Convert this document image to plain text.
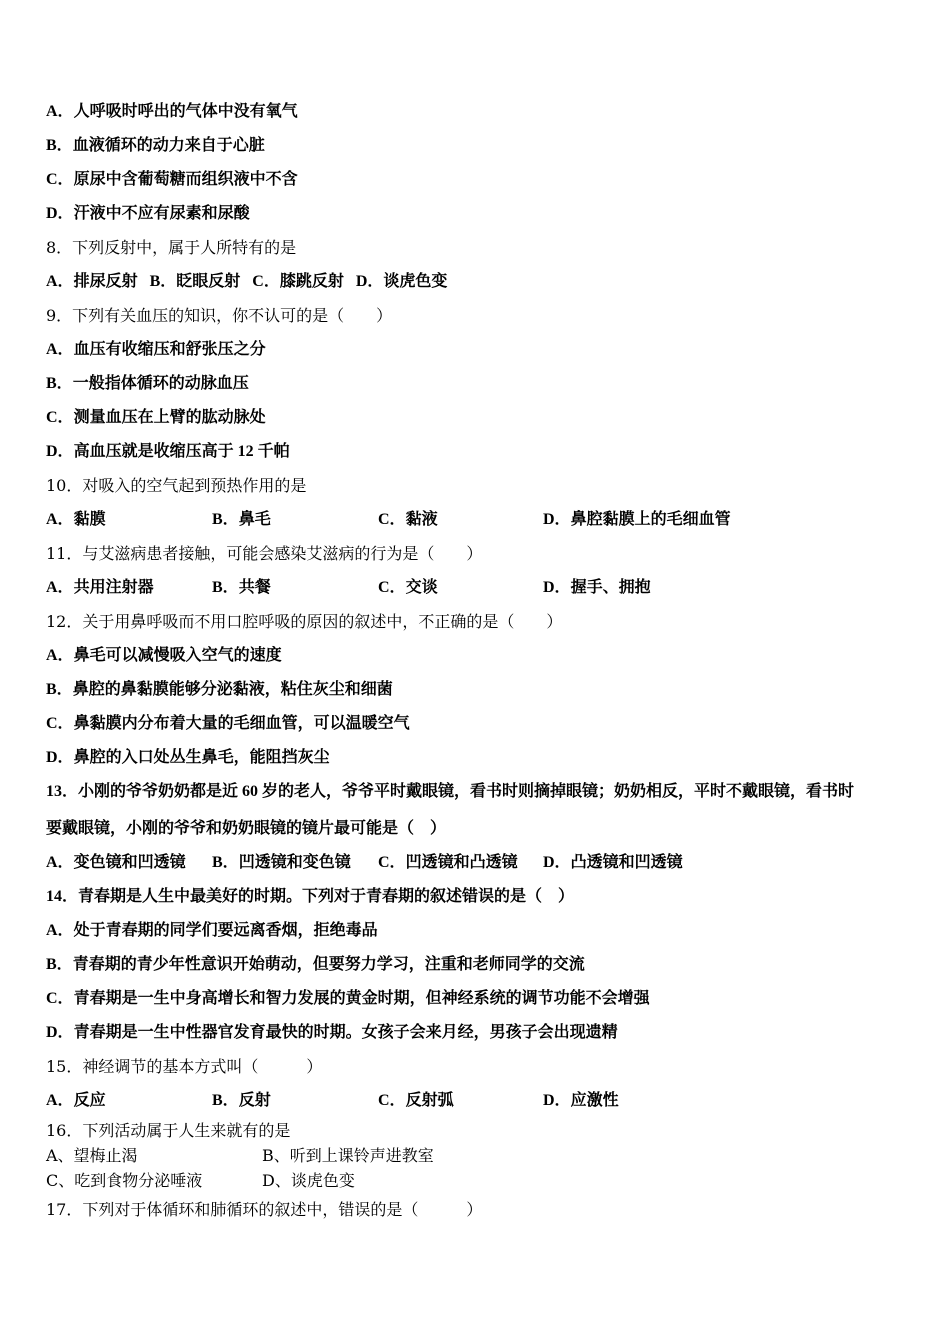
A．人呼吸时呼出的气体中没有氧气
B．血液循环的动力来自于心脏
C．原尿中含葡萄糖而组织液中不含
D．汗液中不应有尿素和尿酸
8．下列反射中，属于人所特有的是
A．排尿反射 B．眨眼反射 C．膝跳反射 D．谈虎色变
9．下列有关血压的知识，你不认可的是（　　）
A．血压有收缩压和舒张压之分
B．一般指体循环的动脉血压
C．测量血压在上臂的肱动脉处
D．高血压就是收缩压高于 12 千帕
10．对吸入的空气起到预热作用的是
A．黏膜	B．鼻毛	C．黏液	D．鼻腔黏膜上的毛细血管
11．与艾滋病患者接触，可能会感染艾滋病的行为是（　　）
A．共用注射器	B．共餐	C．交谈	D．握手、拥抱
12．关于用鼻呼吸而不用口腔呼吸的原因的叙述中，不正确的是（　　）
A．鼻毛可以减慢吸入空气的速度
B．鼻腔的鼻黏膜能够分泌黏液，粘住灰尘和细菌
C．鼻黏膜内分布着大量的毛细血管，可以温暖空气
D．鼻腔的入口处丛生鼻毛，能阻挡灰尘
13．小刚的爷爷奶奶都是近 60 岁的老人，爷爷平时戴眼镜，看书时则摘掉眼镜；奶奶相反，平时不戴眼镜，看书时
要戴眼镜，小刚的爷爷和奶奶眼镜的镜片最可能是（　）
A．变色镜和凹透镜 B．凹透镜和变色镜 C．凹透镜和凸透镜 D．凸透镜和凹透镜
14．青春期是人生中最美好的时期。下列对于青春期的叙述错误的是（　）
A．处于青春期的同学们要远离香烟，拒绝毒品
B．青春期的青少年性意识开始萌动，但要努力学习，注重和老师同学的交流
C．青春期是一生中身高增长和智力发展的黄金时期，但神经系统的调节功能不会增强
D．青春期是一生中性器官发育最快的时期。女孩子会来月经，男孩子会出现遗精
15．神经调节的基本方式叫（　　　）
A．反应	B．反射	C．反射弧	D．应激性
16．下列活动属于人生来就有的是
A、望梅止渴	B、听到上课铃声进教室
C、吃到食物分泌唾液	D、谈虎色变
17．下列对于体循环和肺循环的叙述中，错误的是（　　　）
